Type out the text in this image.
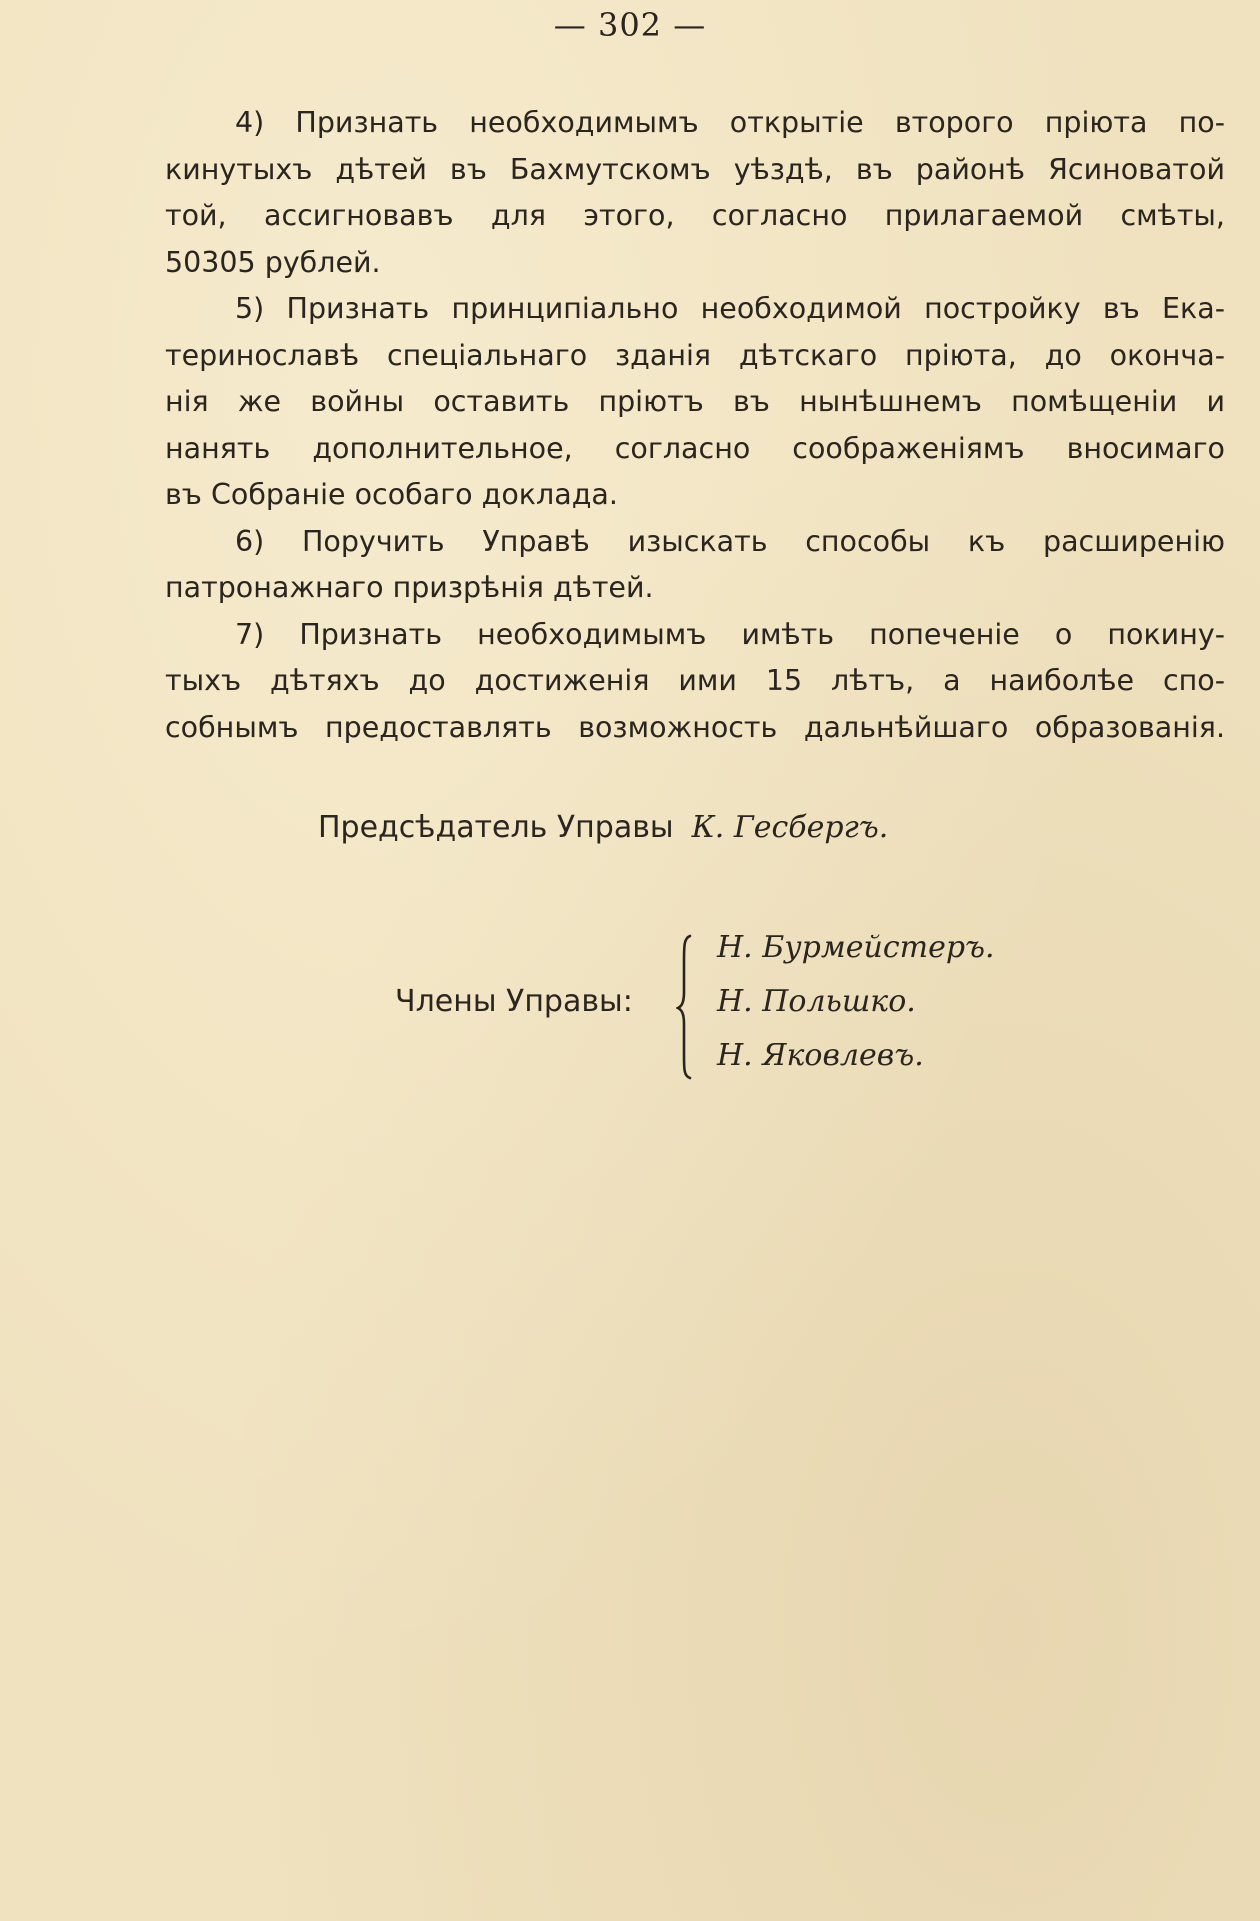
— 302 —
4) Признать необходимымъ открытіе второго пріюта по-
кинутыхъ дѣтей въ Бахмутскомъ уѣздѣ, въ районѣ Ясиноватой
той, ассигновавъ для этого, согласно прилагаемой смѣты,
50305 рублей.
5) Признать принципіально необходимой постройку въ Ека-
теринославѣ спеціальнаго зданія дѣтскаго пріюта, до оконча-
нія же войны оставить пріютъ въ нынѣшнемъ помѣщеніи и
нанять дополнительное, согласно соображеніямъ вносимаго
въ Собраніе особаго доклада.
6) Поручить Управѣ изыскать способы къ расширенію
патронажнаго призрѣнія дѣтей.
7) Признать необходимымъ имѣть попеченіе о покину-
тыхъ дѣтяхъ до достиженія ими 15 лѣтъ, а наиболѣе спо-
собнымъ предоставлять возможность дальнѣйшаго образованія.
Предсѣдатель Управы К. Гесбергъ.
Члены Управы:
Н. Бурмейстеръ.
Н. Польшко.
Н. Яковлевъ.
